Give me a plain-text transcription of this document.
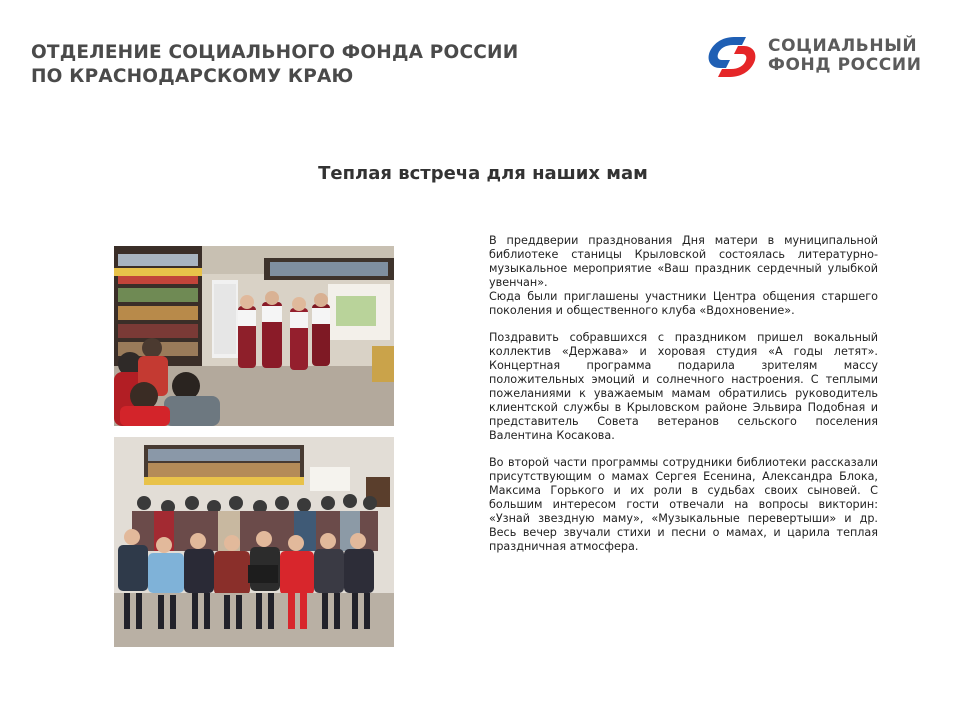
ОТДЕЛЕНИЕ СОЦИАЛЬНОГО ФОНДА РОССИИ
ПО КРАСНОДАРСКОМУ КРАЮ
СОЦИАЛЬНЫЙ
ФОНД РОССИИ
Теплая встреча для наших мам

В преддверии празднования Дня матери в муниципальной библиотеке станицы Крыловской состоялась литературно-музыкальное мероприятие «Ваш праздник сердечный улыбкой увенчан».

Сюда были приглашены участники Центра общения старшего поколения и общественного клуба «Вдохновение».

Поздравить собравшихся с праздником пришел вокальный коллектив «Держава» и хоровая студия «А годы летят». Концертная программа подарила зрителям массу положительных эмоций и солнечного настроения. С теплыми пожеланиями к уважаемым мамам обратились руководитель клиентской службы в Крыловском районе Эльвира Подобная и представитель Совета ветеранов сельского поселения Валентина Косакова.

Во второй части программы сотрудники библиотеки рассказали присутствующим о мамах Сергея Есенина, Александра Блока, Максима Горького и их роли в судьбах своих сыновей. С большим интересом гости отвечали на вопросы викторин: «Узнай звездную маму», «Музыкальные перевертыши» и др. Весь вечер звучали стихи и песни о мамах, и царила теплая праздничная атмосфера.
